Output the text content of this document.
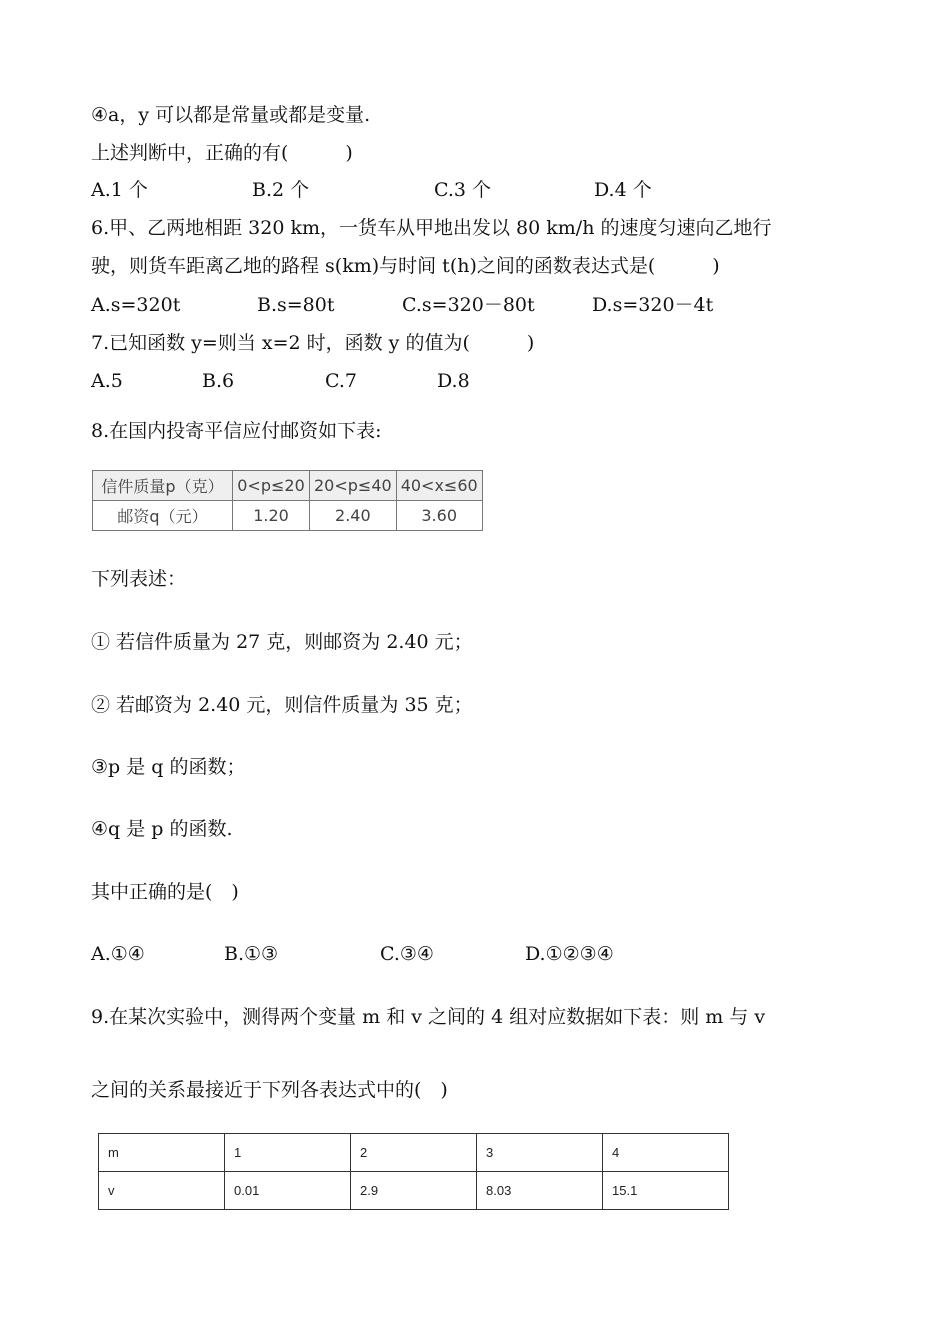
④a，y 可以都是常量或都是变量.
上述判断中，正确的有(　　　)
A.1 个	B.2 个	C.3 个	D.4 个
6.甲、乙两地相距 320 km，一货车从甲地出发以 80 km/h 的速度匀速向乙地行
驶，则货车距离乙地的路程 s(km)与时间 t(h)之间的函数表达式是(　　　)
A.s=320t	B.s=80t	C.s=320－80t	D.s=320－4t
7.已知函数 y=则当 x=2 时，函数 y 的值为(　　　)
A.5	B.6	C.7	D.8
8.在国内投寄平信应付邮资如下表:
信件质量p（克）	0<p≤20	20<p≤40	40<x≤60
邮资q（元）	1.20	2.40	3.60
下列表述：
① 若信件质量为 27 克，则邮资为 2.40 元；
② 若邮资为 2.40 元，则信件质量为 35 克；
③p 是 q 的函数；
④q 是 p 的函数.
其中正确的是(　)
A.①④	B.①③	C.③④	D.①②③④
9.在某次实验中，测得两个变量 m 和 v 之间的 4 组对应数据如下表：则 m 与 v
之间的关系最接近于下列各表达式中的(　)
m	1	2	3	4
v	0.01	2.9	8.03	15.1
